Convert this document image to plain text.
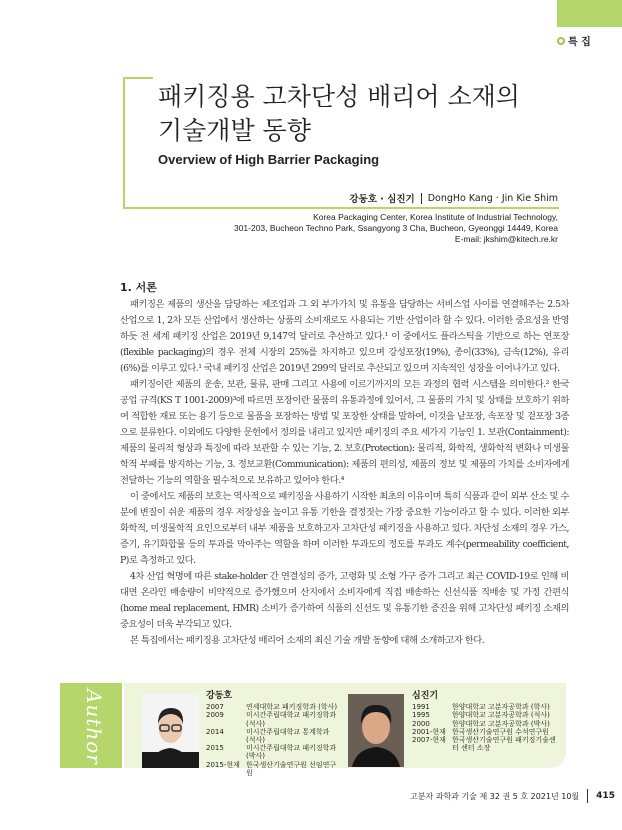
특 집
패키징용 고차단성 배리어 소재의
기술개발 동향
Overview of High Barrier Packaging
강동호 · 심진기 DongHo Kang · Jin Kie Shim
Korea Packaging Center, Korea Institute of Industrial Technology,
301-203, Bucheon Techno Park, Ssangyong 3 Cha, Bucheon, Gyeonggi 14449, Korea
E-mail: jkshim@kitech.re.kr
1. 서론

패키징은 제품의 생산을 담당하는 제조업과 그 외 부가가치 및 유통을 담당하는 서비스업 사이를 연결해주는 2.5차 산업으로 1, 2차 모든 산업에서 생산하는 상품의 소비재로도 사용되는 기반 산업이라 할 수 있다. 이러한 중요성을 반영하듯 전 세계 패키징 산업은 2019년 9,147억 달러로 추산하고 있다.¹ 이 중에서도 플라스틱을 기반으로 하는 연포장(flexible packaging)의 경우 전체 시장의 25%를 차지하고 있으며 강성포장(19%), 종이(33%), 금속(12%), 유리(6%)를 이루고 있다.¹ 국내 패키징 산업은 2019년 299억 달러로 추산되고 있으며 지속적인 성장을 이어나가고 있다.

패키징이란 제품의 운송, 보관, 물류, 판매 그리고 사용에 이르기까지의 모든 과정의 협력 시스템을 의미한다.² 한국 공업 규격(KS T 1001-2009)³에 따르면 포장이란 물품의 유통과정에 있어서, 그 물품의 가치 및 상태를 보호하기 위하여 적합한 재료 또는 용기 등으로 물품을 포장하는 방법 및 포장한 상태를 말하여, 이것을 낱포장, 속포장 및 겉포장 3종으로 분류한다. 이외에도 다양한 문헌에서 정의를 내리고 있지만 패키징의 주요 세가지 기능인 1. 보관(Containment): 제품의 물리적 형상과 특징에 따라 보관할 수 있는 기능, 2. 보호(Protection): 물리적, 화학적, 생화학적 변화나 미생물학적 부패를 방지하는 기능, 3. 정보교환(Communication): 제품의 편의성, 제품의 정보 및 제품의 가치를 소비자에게 전달하는 기능의 역할을 필수적으로 보유하고 있어야 한다.⁴

이 중에서도 제품의 보호는 역사적으로 패키징을 사용하기 시작한 최초의 이유이며 특히 식품과 같이 외부 산소 및 수분에 변질이 쉬운 제품의 경우 저장성을 높이고 유통 기한을 결정짓는 가장 중요한 기능이라고 할 수 있다. 이러한 외부 화학적, 미생물학적 요인으로부터 내부 제품을 보호하고자 고차단성 패키징을 사용하고 있다. 차단성 소재의 경우 가스, 증기, 유기화합물 등의 투과를 막아주는 역할을 하며 이러한 투과도의 정도를 투과도 계수(permeability coefficient, P)로 측정하고 있다.

4차 산업 혁명에 따른 stake-holder 간 연결성의 증가, 고령화 및 소형 가구 증가 그리고 최근 COVID-19로 인해 비대면 온라인 배송량이 비약적으로 증가했으며 산지에서 소비자에게 직접 배송하는 신선식품 직배송 및 가정 간편식(home meal replacement, HMR) 소비가 증가하여 식품의 신선도 및 유통기한 증진을 위해 고차단성 패키징 소재의 중요성이 더욱 부각되고 있다.

본 특집에서는 패키징용 고차단성 배리어 소재의 최신 기술 개발 동향에 대해 소개하고자 한다.

Author	강동호
2007	연세대학교 패키징학과 (학사)
2009	미시간주립대학교 패키징학과 (석사)
2014	미시간주립대학교 통계학과 (석사)
2015	미시간주립대학교 패키징학과 (박사)
2015-현재 한국생산기술연구원 선임연구원
심진기
1991	한양대학교 고분자공학과 (학사)
1995	한양대학교 고분자공학과 (석사)
2000	한양대학교 고분자공학과 (박사)
2001-현재 한국생산기술연구원 수석연구원
2007-현재 한국생산기술연구원 패키징기술센터 센터 소장
고분자 과학과 기술 제 32 권 5 호 2021년 10월 415
